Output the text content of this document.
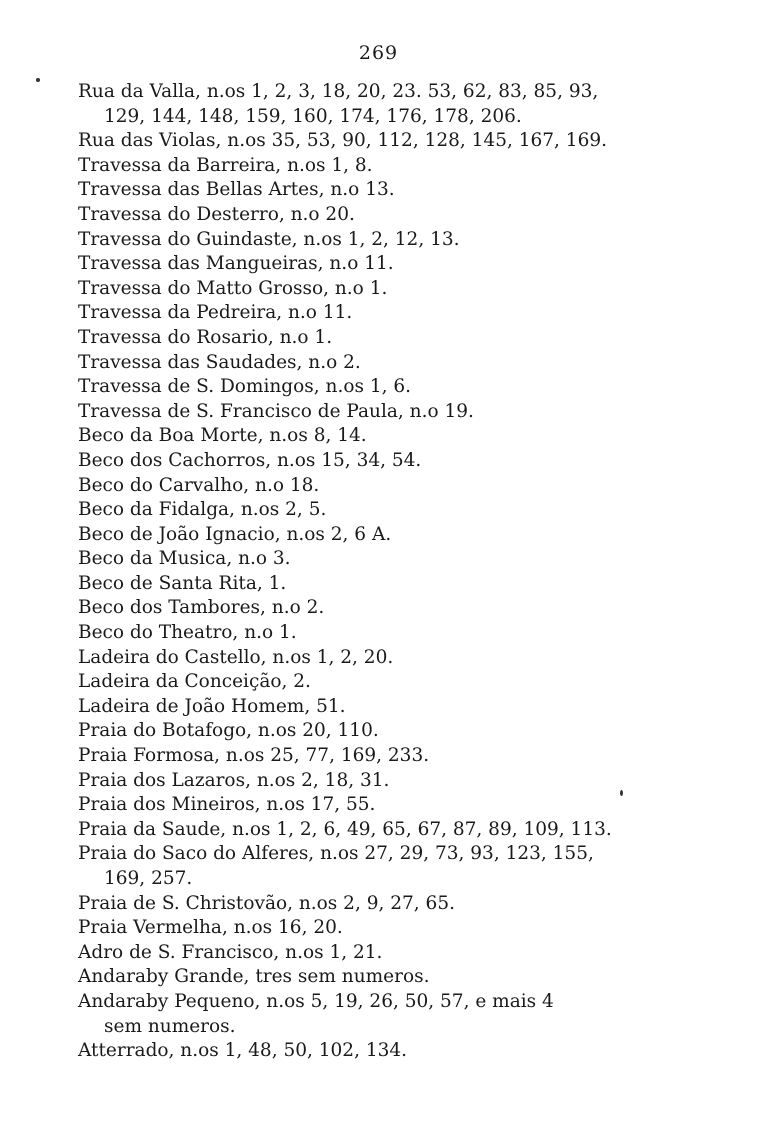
269
Rua da Valla, n.os 1, 2, 3, 18, 20, 23. 53, 62, 83, 85, 93,
129, 144, 148, 159, 160, 174, 176, 178, 206.
Rua das Violas, n.os 35, 53, 90, 112, 128, 145, 167, 169.
Travessa da Barreira, n.os 1, 8.
Travessa das Bellas Artes, n.o 13.
Travessa do Desterro, n.o 20.
Travessa do Guindaste, n.os 1, 2, 12, 13.
Travessa das Mangueiras, n.o 11.
Travessa do Matto Grosso, n.o 1.
Travessa da Pedreira, n.o 11.
Travessa do Rosario, n.o 1.
Travessa das Saudades, n.o 2.
Travessa de S. Domingos, n.os 1, 6.
Travessa de S. Francisco de Paula, n.o 19.
Beco da Boa Morte, n.os 8, 14.
Beco dos Cachorros, n.os 15, 34, 54.
Beco do Carvalho, n.o 18.
Beco da Fidalga, n.os 2, 5.
Beco de João Ignacio, n.os 2, 6 A.
Beco da Musica, n.o 3.
Beco de Santa Rita, 1.
Beco dos Tambores, n.o 2.
Beco do Theatro, n.o 1.
Ladeira do Castello, n.os 1, 2, 20.
Ladeira da Conceição, 2.
Ladeira de João Homem, 51.
Praia do Botafogo, n.os 20, 110.
Praia Formosa, n.os 25, 77, 169, 233.
Praia dos Lazaros, n.os 2, 18, 31.
Praia dos Mineiros, n.os 17, 55.
Praia da Saude, n.os 1, 2, 6, 49, 65, 67, 87, 89, 109, 113.
Praia do Saco do Alferes, n.os 27, 29, 73, 93, 123, 155,
169, 257.
Praia de S. Christovão, n.os 2, 9, 27, 65.
Praia Vermelha, n.os 16, 20.
Adro de S. Francisco, n.os 1, 21.
Andaraby Grande, tres sem numeros.
Andaraby Pequeno, n.os 5, 19, 26, 50, 57, e mais 4
sem numeros.
Atterrado, n.os 1, 48, 50, 102, 134.
